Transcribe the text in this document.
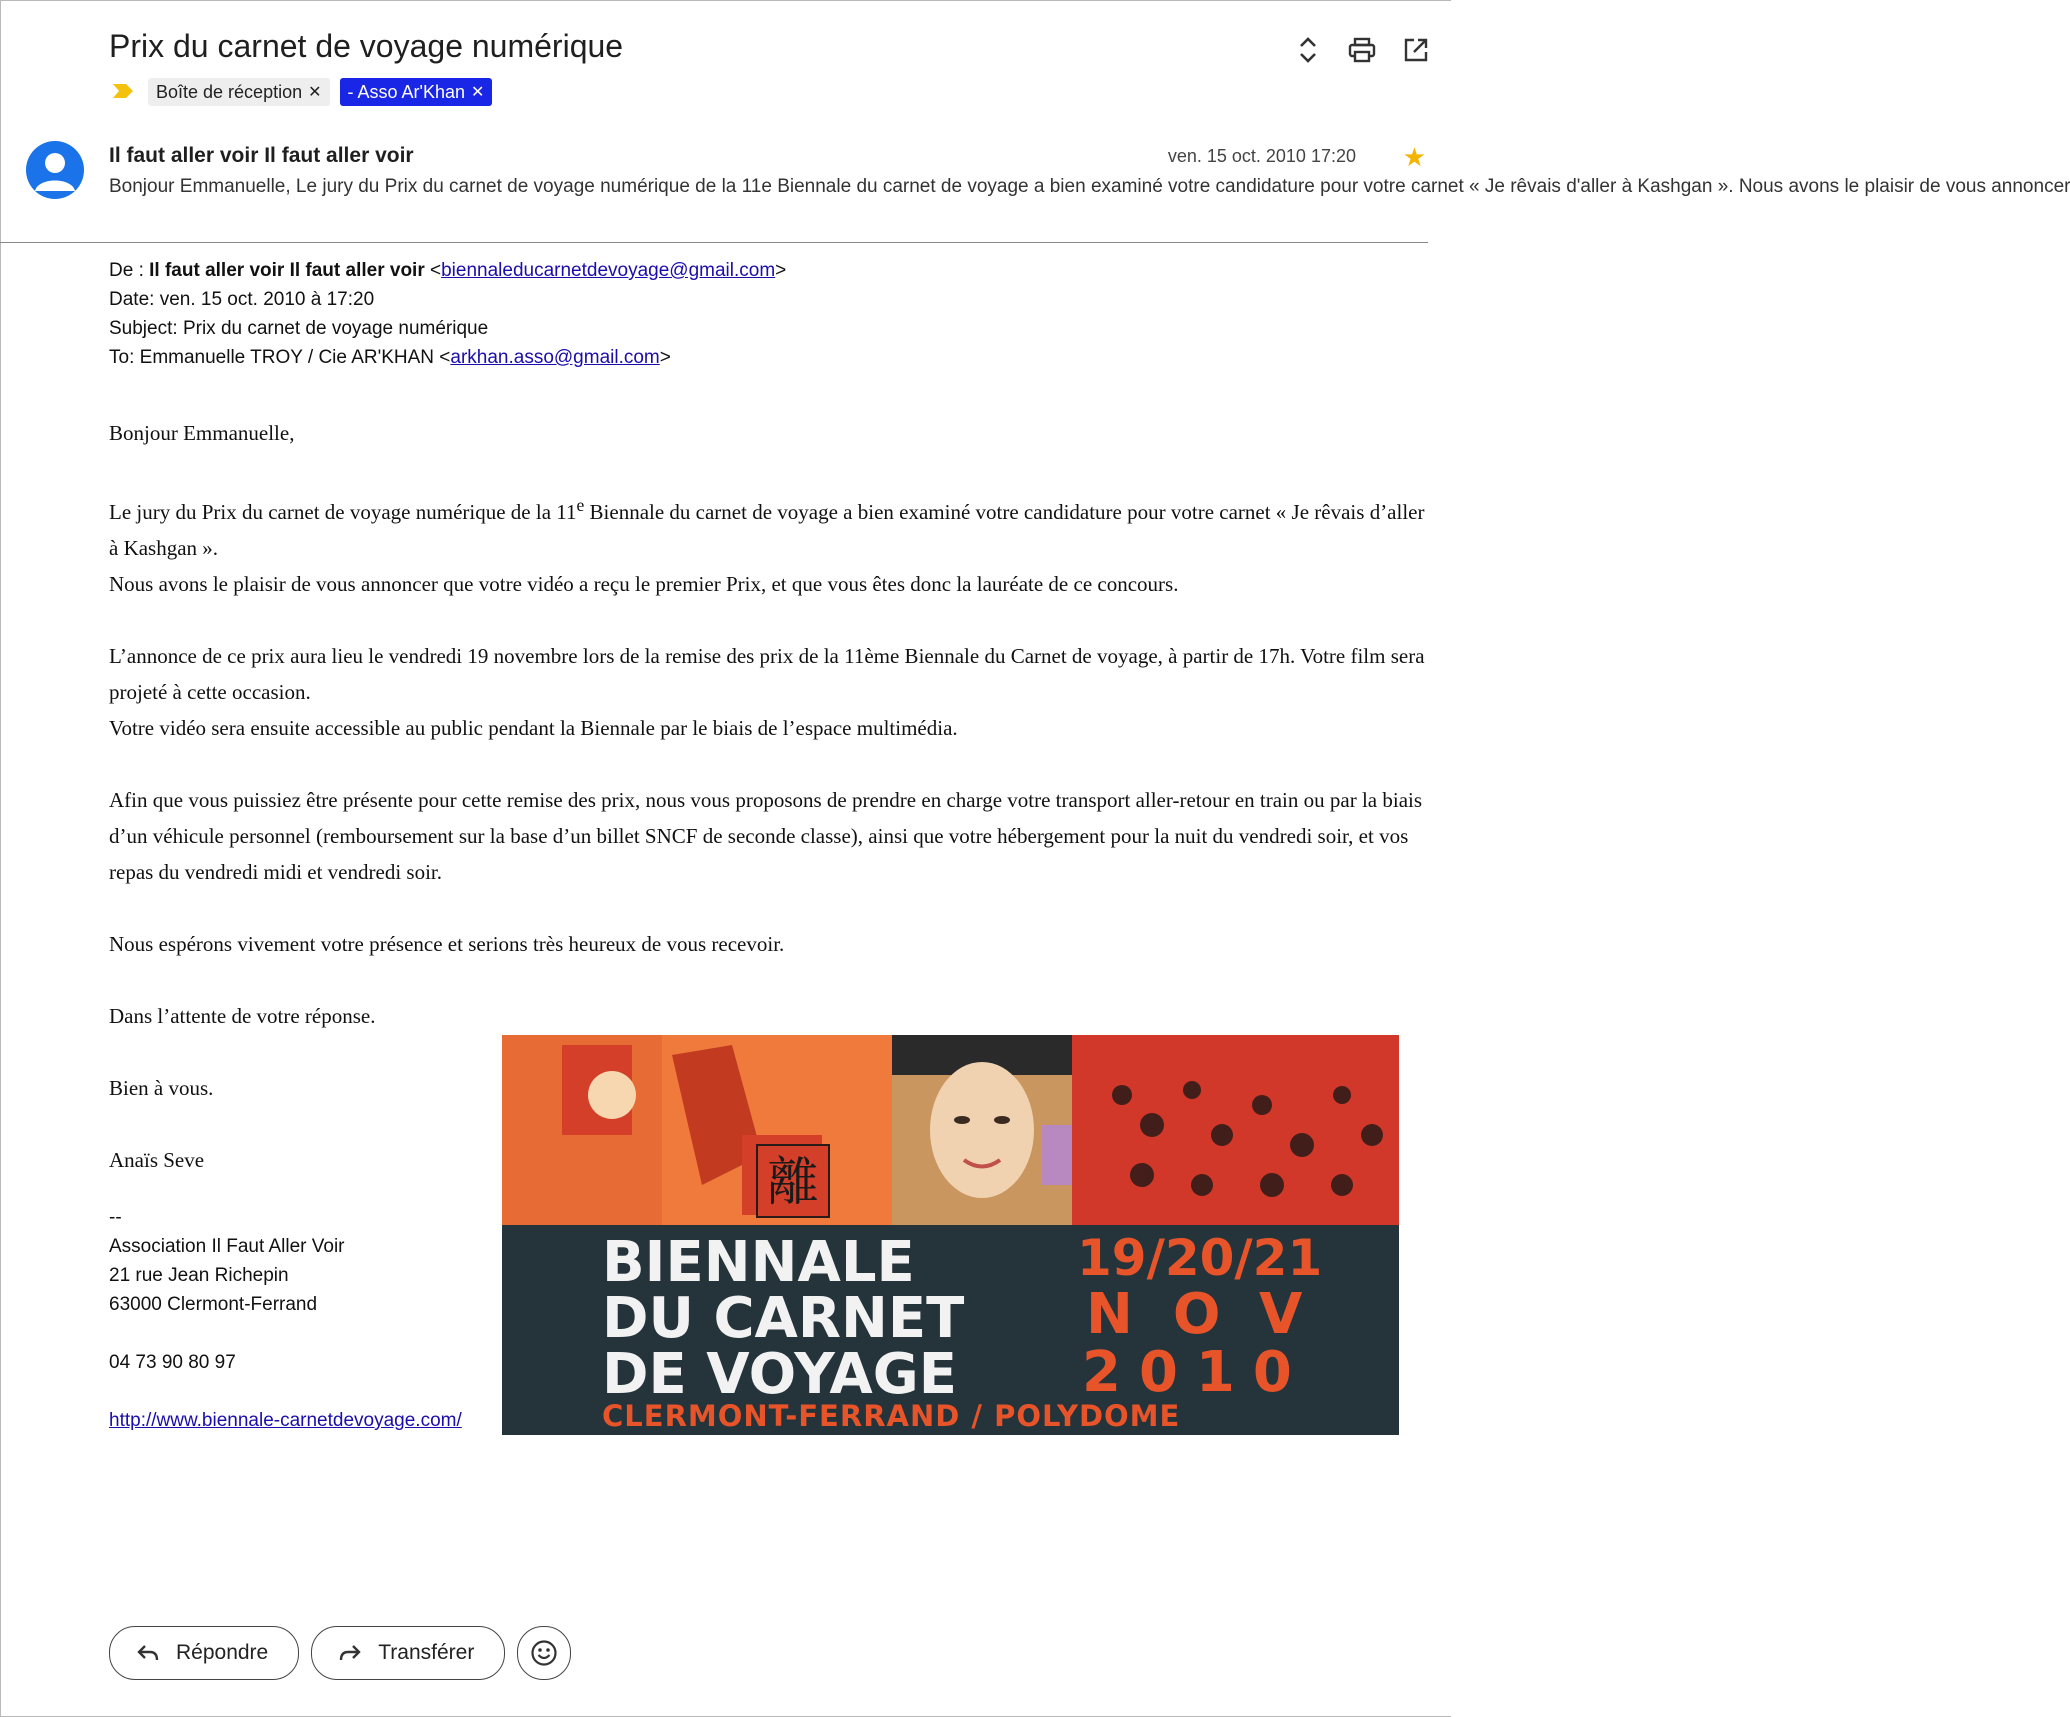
Prix du carnet de voyage numérique
Boîte de réception ✕ - Asso Ar'Khan ✕
Il faut aller voir Il faut aller voir	ven. 15 oct. 2010 17:20 ★
Bonjour Emmanuelle, Le jury du Prix du carnet de voyage numérique de la 11e Biennale du carnet de voyage a bien examiné votre candidature pour votre carnet « Je rêvais d'aller à Kashgan ». Nous avons le plaisir de vous annoncer
De : Il faut aller voir Il faut aller voir <biennaleducarnetdevoyage@gmail.com>
Date: ven. 15 oct. 2010 à 17:20
Subject: Prix du carnet de voyage numérique
To: Emmanuelle TROY / Cie AR'KHAN <arkhan.asso@gmail.com>

Bonjour Emmanuelle,

Le jury du Prix du carnet de voyage numérique de la 11e Biennale du carnet de voyage a bien examiné votre candidature pour votre carnet « Je rêvais d’aller à Kashgan ».
Nous avons le plaisir de vous annoncer que votre vidéo a reçu le premier Prix, et que vous êtes donc la lauréate de ce concours.

L’annonce de ce prix aura lieu le vendredi 19 novembre lors de la remise des prix de la 11ème Biennale du Carnet de voyage, à partir de 17h. Votre film sera projeté à cette occasion.
Votre vidéo sera ensuite accessible au public pendant la Biennale par le biais de l’espace multimédia.

Afin que vous puissiez être présente pour cette remise des prix, nous vous proposons de prendre en charge votre transport aller-retour en train ou par la biais d’un véhicule personnel (remboursement sur la base d’un billet SNCF de seconde classe), ainsi que votre hébergement pour la nuit du vendredi soir, et vos repas du vendredi midi et vendredi soir.

Nous espérons vivement votre présence et serions très heureux de vous recevoir.

Dans l’attente de votre réponse.

Bien à vous.

Anaïs Seve

--
Association Il Faut Aller Voir
21 rue Jean Richepin
63000 Clermont-Ferrand
04 73 90 80 97
http://www.biennale-carnetdevoyage.com/
離
BIENNALE
DU CARNET
DE VOYAGE
19/20/21
NOV
2010
CLERMONT-FERRAND / POLYDOME
Répondre	Transférer
